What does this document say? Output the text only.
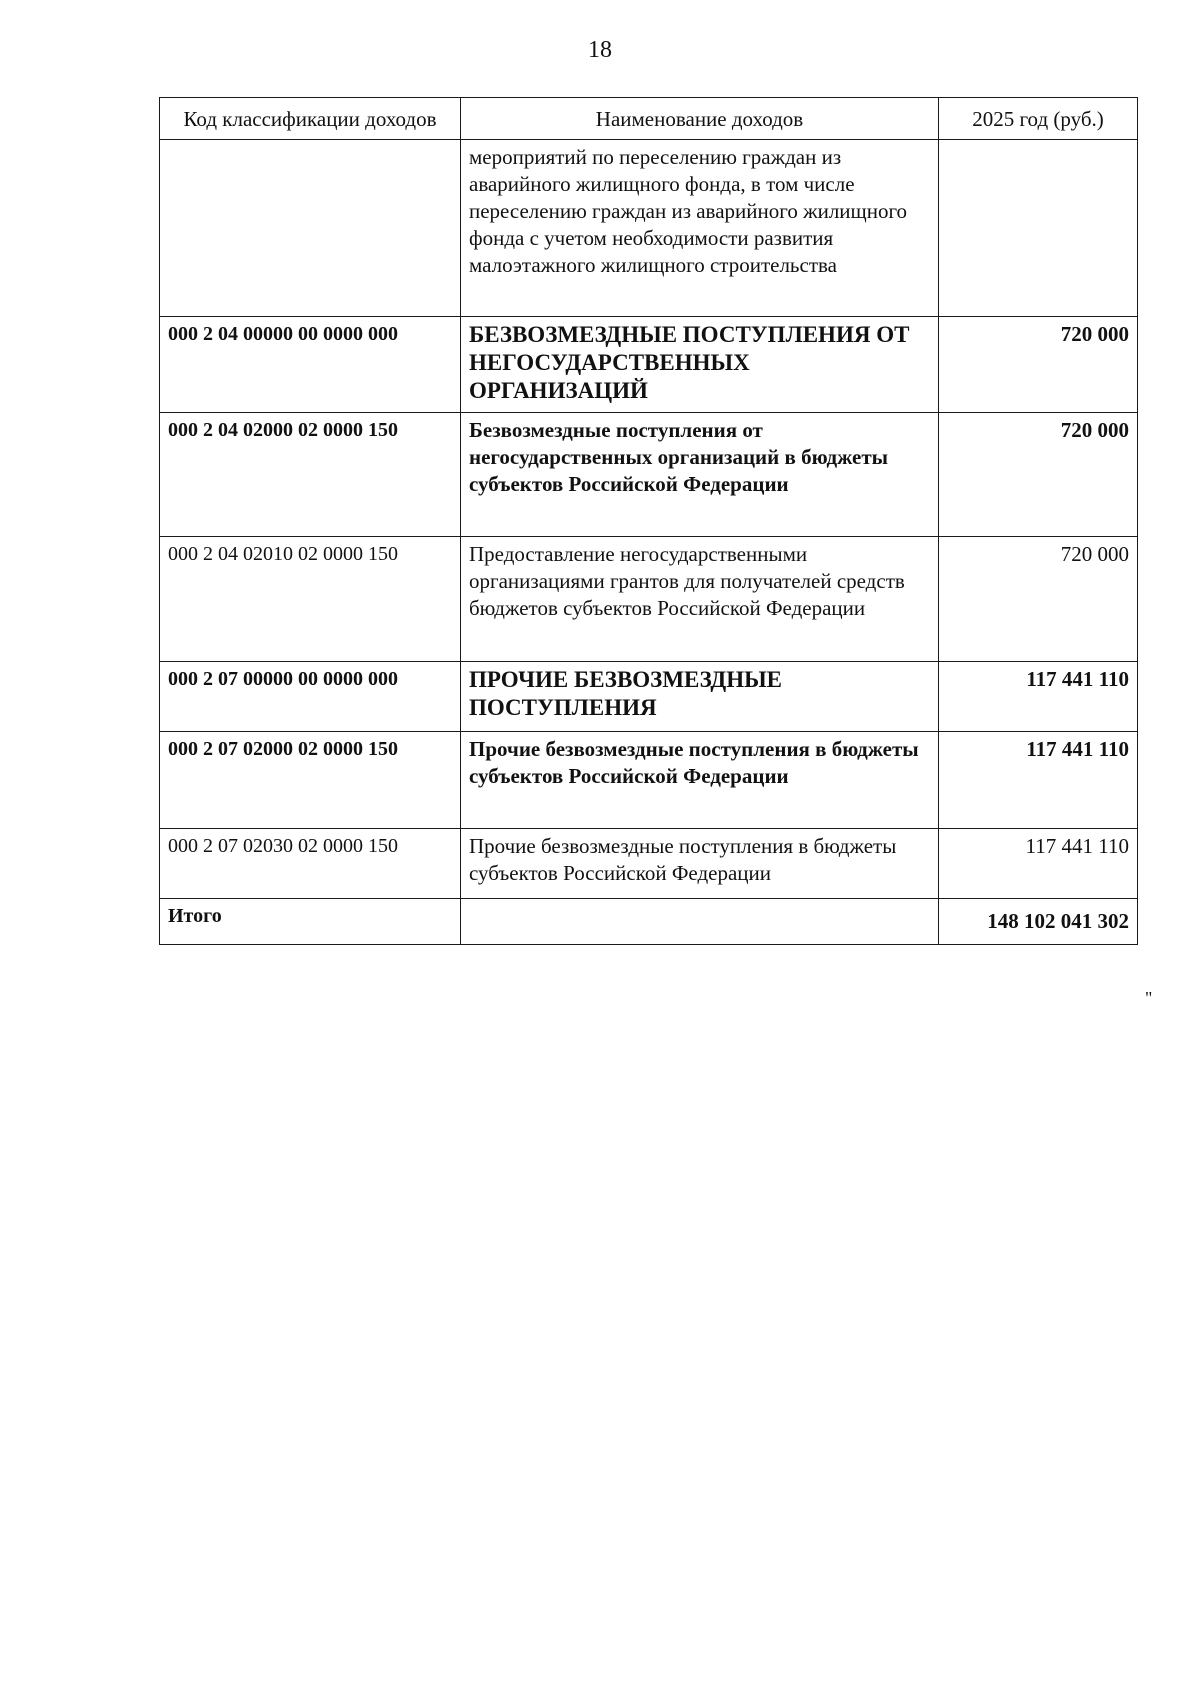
18
Код классификации доходов	Наименование доходов	2025 год (руб.)
	мероприятий по переселению граждан из аварийного жилищного фонда, в том числе переселению граждан из аварийного жилищного фонда с учетом необходимости развития малоэтажного жилищного строительства	
000 2 04 00000 00 0000 000	БЕЗВОЗМЕЗДНЫЕ ПОСТУПЛЕНИЯ ОТ НЕГОСУДАРСТВЕННЫХ ОРГАНИЗАЦИЙ	720 000
000 2 04 02000 02 0000 150	Безвозмездные поступления от негосударственных организаций в бюджеты субъектов Российской Федерации	720 000
000 2 04 02010 02 0000 150	Предоставление негосударственными организациями грантов для получателей средств бюджетов субъектов Российской Федерации	720 000
000 2 07 00000 00 0000 000	ПРОЧИЕ БЕЗВОЗМЕЗДНЫЕ ПОСТУПЛЕНИЯ	117 441 110
000 2 07 02000 02 0000 150	Прочие безвозмездные поступления в бюджеты субъектов Российской Федерации	117 441 110
000 2 07 02030 02 0000 150	Прочие безвозмездные поступления в бюджеты субъектов Российской Федерации	117 441 110
Итого		148 102 041 302
"
